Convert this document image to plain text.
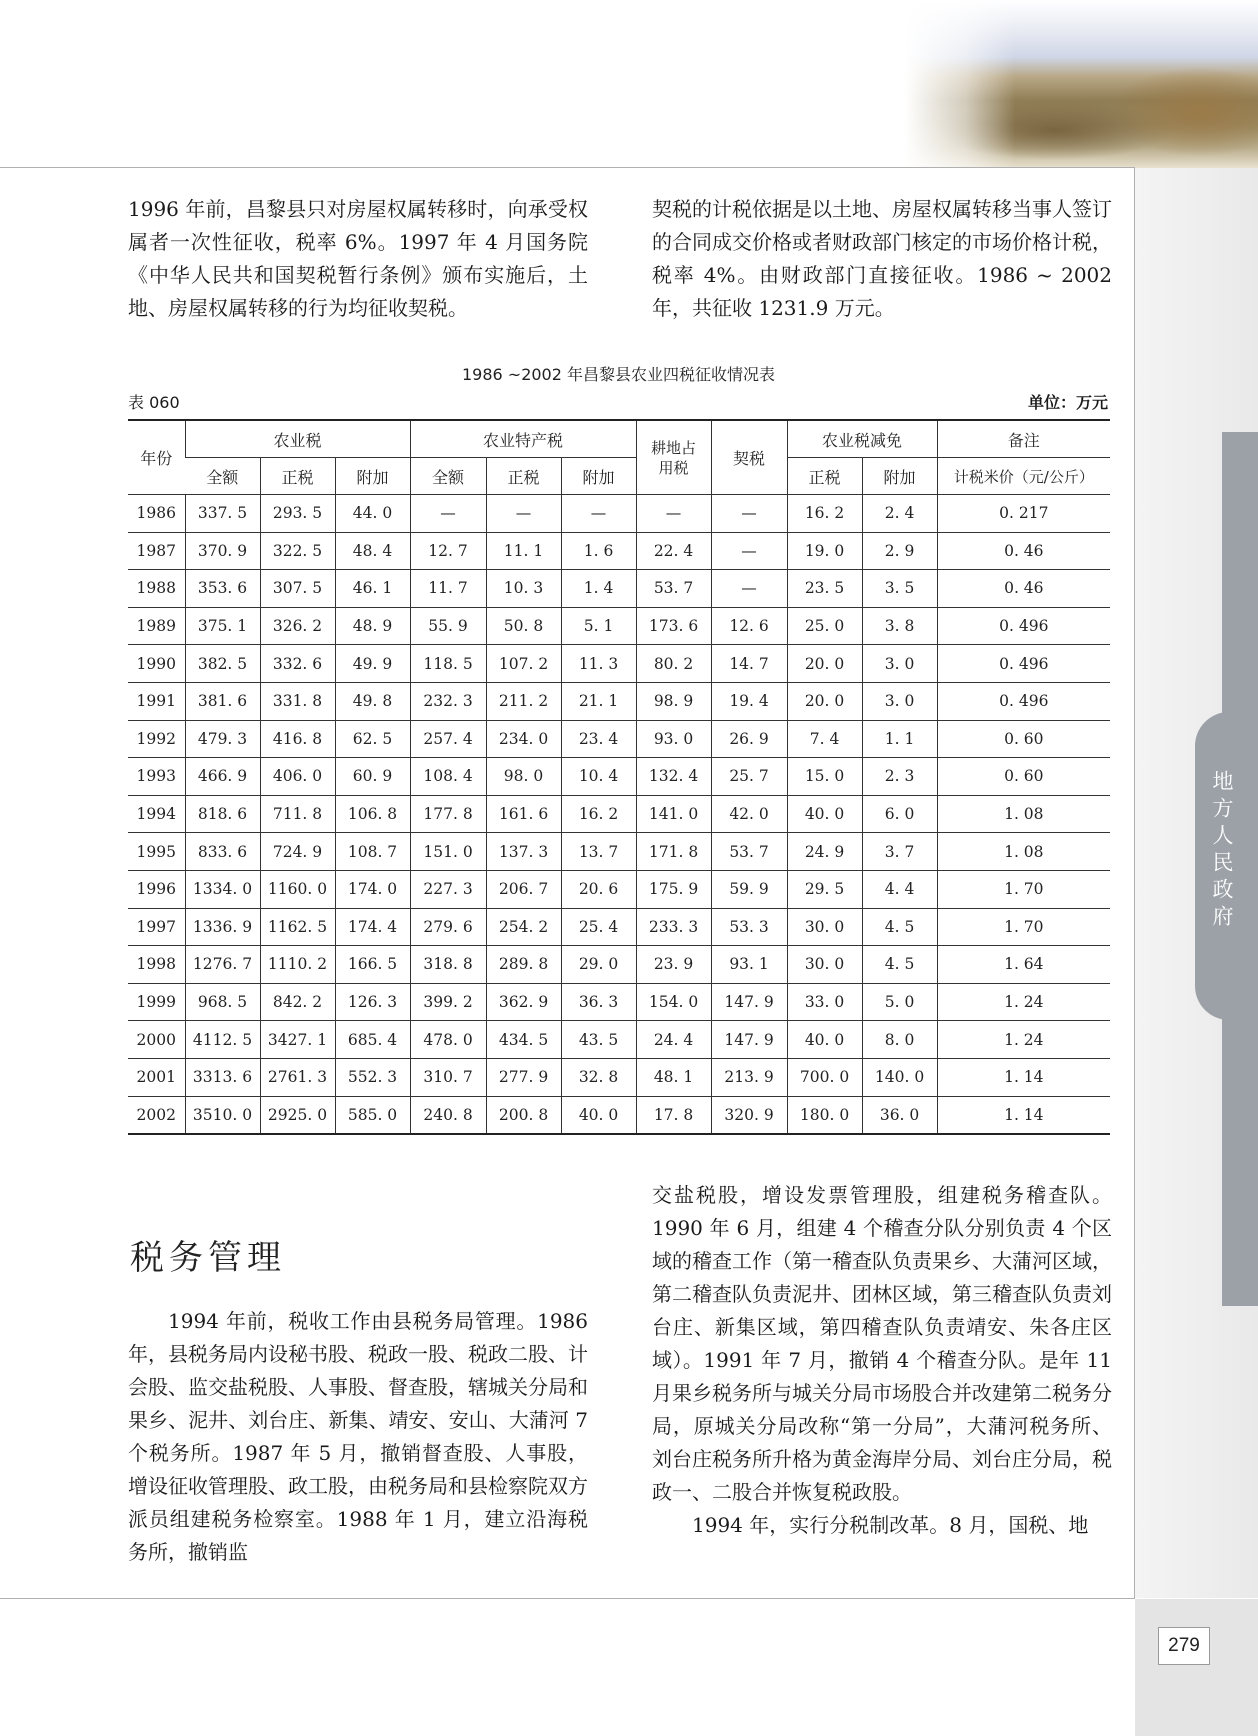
地方人民政府
279

1996 年前，昌黎县只对房屋权属转移时，向承受权属者一次性征收，税率 6%。1997 年 4 月国务院《中华人民共和国契税暂行条例》颁布实施后，土地、房屋权属转移的行为均征收契税。

契税的计税依据是以土地、房屋权属转移当事人签订的合同成交价格或者财政部门核定的市场价格计税，税率 4%。由财政部门直接征收。1986 ~ 2002 年，共征收 1231.9 万元。

1986 ~2002 年昌黎县农业四税征收情况表
表 060	单位：万元
年份	农业税			农业特产税			耕地占用税	契税	农业税减免		备注
	全额	正税	附加	全额	正税	附加			正税	附加	计税米价（元/公斤）
1986	337. 5	293. 5	44. 0	—	—	—	—	—	16. 2	2. 4	0. 217
1987	370. 9	322. 5	48. 4	12. 7	11. 1	1. 6	22. 4	—	19. 0	2. 9	0. 46
1988	353. 6	307. 5	46. 1	11. 7	10. 3	1. 4	53. 7	—	23. 5	3. 5	0. 46
1989	375. 1	326. 2	48. 9	55. 9	50. 8	5. 1	173. 6	12. 6	25. 0	3. 8	0. 496
1990	382. 5	332. 6	49. 9	118. 5	107. 2	11. 3	80. 2	14. 7	20. 0	3. 0	0. 496
1991	381. 6	331. 8	49. 8	232. 3	211. 2	21. 1	98. 9	19. 4	20. 0	3. 0	0. 496
1992	479. 3	416. 8	62. 5	257. 4	234. 0	23. 4	93. 0	26. 9	7. 4	1. 1	0. 60
1993	466. 9	406. 0	60. 9	108. 4	98. 0	10. 4	132. 4	25. 7	15. 0	2. 3	0. 60
1994	818. 6	711. 8	106. 8	177. 8	161. 6	16. 2	141. 0	42. 0	40. 0	6. 0	1. 08
1995	833. 6	724. 9	108. 7	151. 0	137. 3	13. 7	171. 8	53. 7	24. 9	3. 7	1. 08
1996	1334. 0	1160. 0	174. 0	227. 3	206. 7	20. 6	175. 9	59. 9	29. 5	4. 4	1. 70
1997	1336. 9	1162. 5	174. 4	279. 6	254. 2	25. 4	233. 3	53. 3	30. 0	4. 5	1. 70
1998	1276. 7	1110. 2	166. 5	318. 8	289. 8	29. 0	23. 9	93. 1	30. 0	4. 5	1. 64
1999	968. 5	842. 2	126. 3	399. 2	362. 9	36. 3	154. 0	147. 9	33. 0	5. 0	1. 24
2000	4112. 5	3427. 1	685. 4	478. 0	434. 5	43. 5	24. 4	147. 9	40. 0	8. 0	1. 24
2001	3313. 6	2761. 3	552. 3	310. 7	277. 9	32. 8	48. 1	213. 9	700. 0	140. 0	1. 14
2002	3510. 0	2925. 0	585. 0	240. 8	200. 8	40. 0	17. 8	320. 9	180. 0	36. 0	1. 14
税务管理

1994 年前，税收工作由县税务局管理。1986 年，县税务局内设秘书股、税政一股、税政二股、计会股、监交盐税股、人事股、督查股，辖城关分局和果乡、泥井、刘台庄、新集、靖安、安山、大蒲河 7 个税务所。1987 年 5 月，撤销督查股、人事股，增设征收管理股、政工股，由税务局和县检察院双方派员组建税务检察室。1988 年 1 月，建立沿海税务所，撤销监

交盐税股，增设发票管理股，组建税务稽查队。1990 年 6 月，组建 4 个稽查分队分别负责 4 个区域的稽查工作（第一稽查队负责果乡、大蒲河区域，第二稽查队负责泥井、团林区域，第三稽查队负责刘台庄、新集区域，第四稽查队负责靖安、朱各庄区域）。1991 年 7 月，撤销 4 个稽查分队。是年 11 月果乡税务所与城关分局市场股合并改建第二税务分局，原城关分局改称“第一分局”，大蒲河税务所、刘台庄税务所升格为黄金海岸分局、刘台庄分局，税政一、二股合并恢复税政股。

1994 年，实行分税制改革。8 月，国税、地
